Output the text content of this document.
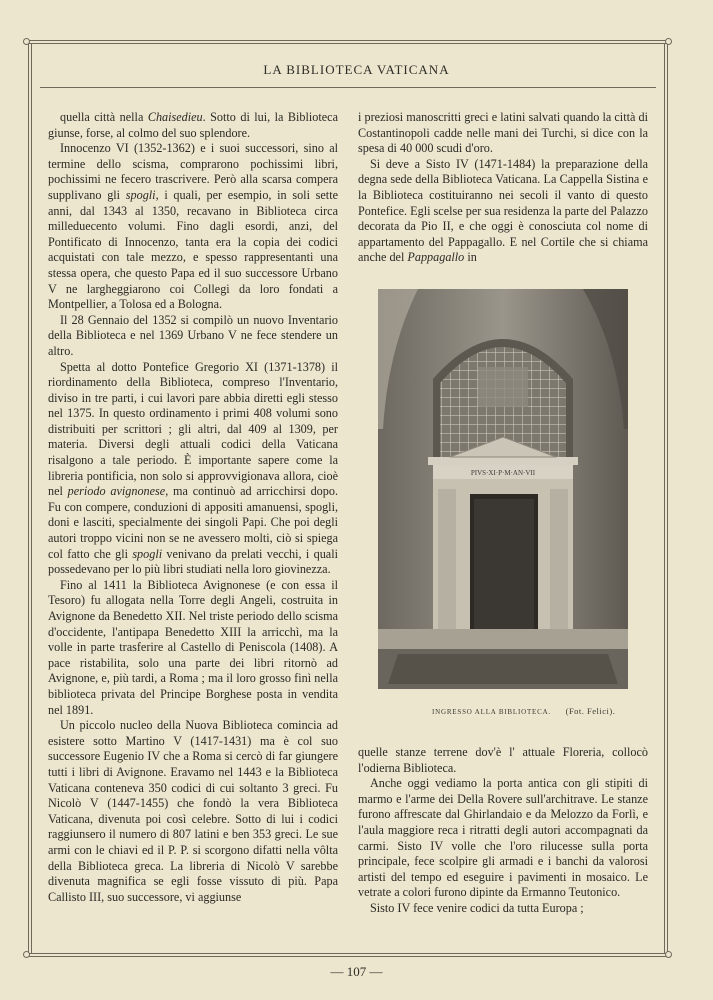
LA BIBLIOTECA VATICANA

quella città nella Chaisedieu. Sotto di lui, la Biblioteca giunse, forse, al colmo del suo splendore.

Innocenzo VI (1352-1362) e i suoi successori, sino al termine dello scisma, comprarono pochissimi libri, pochissimi ne fecero trascrivere. Però alla scarsa compera supplivano gli spogli, i quali, per esempio, in soli sette anni, dal 1343 al 1350, recavano in Biblioteca circa milleduecento volumi. Fino dagli esordi, anzi, del Pontificato di Innocenzo, tanta era la copia dei codici acquistati con tale mezzo, e spesso rappresentanti una stessa opera, che questo Papa ed il suo successore Urbano V ne largheggiarono coi Collegi da loro fondati a Montpellier, a Tolosa ed a Bologna.

Il 28 Gennaio del 1352 si compilò un nuovo Inventario della Biblioteca e nel 1369 Urbano V ne fece stendere un altro.

Spetta al dotto Pontefice Gregorio XI (1371-1378) il riordinamento della Biblioteca, compreso l'Inventario, diviso in tre parti, i cui lavori pare abbia diretti egli stesso nel 1375. In questo ordinamento i primi 408 volumi sono distribuiti per scrittori ; gli altri, dal 409 al 1309, per materia. Diversi degli attuali codici della Vaticana risalgono a tale periodo. È importante sapere come la libreria pontificia, non solo si approvvigionava allora, cioè nel periodo avignonese, ma continuò ad arricchirsi dopo. Fu con compere, conduzioni di appositi amanuensi, spogli, doni e lasciti, specialmente dei singoli Papi. Che poi degli autori troppo vicini non se ne avessero molti, ciò si spiega col fatto che gli spogli venivano da prelati vecchi, i quali possedevano per lo più libri studiati nella loro giovinezza.

Fino al 1411 la Biblioteca Avignonese (e con essa il Tesoro) fu allogata nella Torre degli Angeli, costruita in Avignone da Benedetto XII. Nel triste periodo dello scisma d'occidente, l'antipapa Benedetto XIII la arricchì, ma la volle in parte trasferire al Castello di Peniscola (1408). A pace ristabilita, solo una parte dei libri ritornò ad Avignone, e, più tardi, a Roma ; ma il loro grosso finì nella biblioteca privata del Principe Borghese posta in vendita nel 1891.

Un piccolo nucleo della Nuova Biblioteca comincia ad esistere sotto Martino V (1417-1431) ma è col suo successore Eugenio IV che a Roma si cercò di far giungere tutti i libri di Avignone. Eravamo nel 1443 e la Biblioteca Vaticana conteneva 350 codici di cui soltanto 3 greci. Fu Nicolò V (1447-1455) che fondò la vera Biblioteca Vaticana, divenuta poi così celebre. Sotto di lui i codici raggiunsero il numero di 807 latini e ben 353 greci. Le sue armi con le chiavi ed il P. P. si scorgono difatti nella vôlta della Biblioteca greca. La libreria di Nicolò V sarebbe divenuta magnifica se egli fosse vissuto di più. Papa Callisto III, suo successore, vi aggiunse

i preziosi manoscritti greci e latini salvati quando la città di Costantinopoli cadde nelle mani dei Turchi, si dice con la spesa di 40 000 scudi d'oro.

Si deve a Sisto IV (1471-1484) la preparazione della degna sede della Biblioteca Vaticana. La Cappella Sistina e la Biblioteca costituiranno nei secoli il vanto di questo Pontefice. Egli scelse per sua residenza la parte del Palazzo decorata da Pio II, e che oggi è conosciuta col nome di appartamento del Pappagallo. E nel Cortile che si chiama anche del Pappagallo in

quelle stanze terrene dov'è l' attuale Floreria, collocò l'odierna Biblioteca.

Anche oggi vediamo la porta antica con gli stipiti di marmo e l'arme dei Della Rovere sull'architrave. Le stanze furono affrescate dal Ghirlandaio e da Melozzo da Forlì, e l'aula maggiore reca i ritratti degli autori accompagnati da carmi. Sisto IV volle che l'oro rilucesse sulla porta principale, fece scolpire gli armadi e i banchi da valorosi artisti del tempo ed eseguire i pavimenti in mosaico. Le vetrate a colori furono dipinte da Ermanno Teutonico.

Sisto IV fece venire codici da tutta Europa ;

PIVS·XI·P·M·AN·VII
INGRESSO ALLA BIBLIOTECA. (Fot. Felici).
— 107 —
